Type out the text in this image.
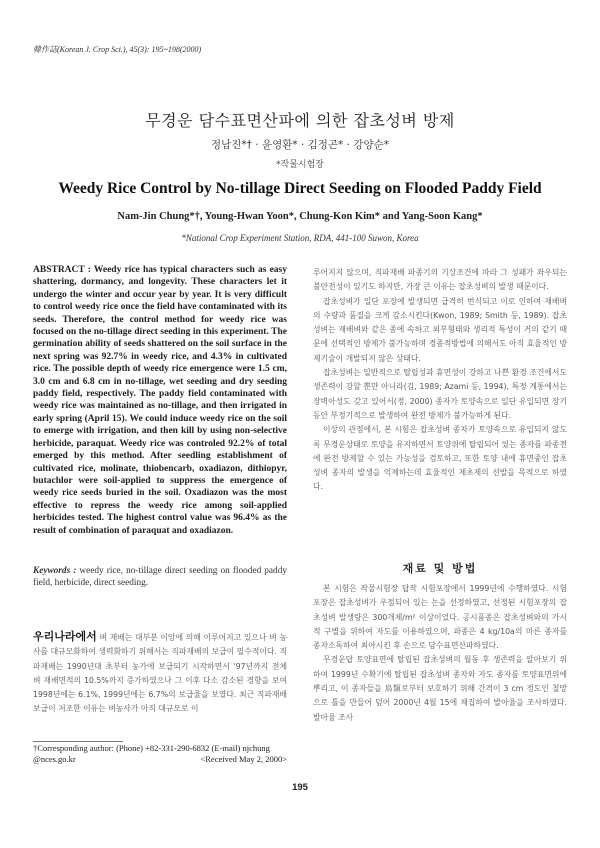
韓作誌(Korean J. Crop Sci.), 45(3): 195~198(2000)
무경운 담수표면산파에 의한 잡초성벼 방제
정남진*† · 윤영환* · 김정곤* · 강양순*
*작물시험장
Weedy Rice Control by No-tillage Direct Seeding on Flooded Paddy Field
Nam-Jin Chung*†, Young-Hwan Yoon*, Chung-Kon Kim* and Yang-Soon Kang*
*National Crop Experiment Station, RDA, 441-100 Suwon, Korea
ABSTRACT : Weedy rice has typical characters such as easy shattering, dormancy, and longevity. These characters let it undergo the winter and occur year by year. It is very difficult to control weedy rice once the field have contaminated with its seeds. Therefore, the control method for weedy rice was focused on the no-tillage direct seeding in this experiment. The germination ability of seeds shattered on the soil surface in the next spring was 92.7% in weedy rice, and 4.3% in cultivated rice. The possible depth of weedy rice emergence were 1.5 cm, 3.0 cm and 6.8 cm in no-tillage, wet seeding and dry seeding paddy field, respectively. The paddy field contaminated with weedy rice was maintained as no-tillage, and then irrigated in early spring (April 15). We could induce weedy rice on the soil to emerge with irrigation, and then kill by using non-selective herbicide, paraquat. Weedy rice was controled 92.2% of total emerged by this method. After seedling establishment of cultivated rice, molinate, thiobencarb, oxadiazon, dithiopyr, butachlor were soil-applied to suppress the emergence of weedy rice seeds buried in the soil. Oxadiazon was the most effective to repress the weedy rice among soil-applied herbicides tested. The highest control value was 96.4% as the result of combination of paraquat and oxadiazon.
Keywords : weedy rice, no-tillage direct seeding on flooded paddy field, herbicide, direct seeding.

우리나라에서 벼 재배는 대부분 이앙에 의해 이루어지고 있으나 벼 농사를 대규모화하여 생력화하기 위해서는 직파재배의 보급이 필수적이다. 직파재배는 1990년대 초부터 농가에 보급되기 시작하면서 '97년까지 전체 벼 재배면적의 10.5%까지 증가하였으나 그 이후 다소 감소된 경향을 보여 1998년에는 6.1%, 1999년에는 6.7%의 보급율을 보였다. 최근 직파재배 보급이 저조한 이유는 벼농사가 아직 대규모로 이

루어지지 않으며, 직파재배 파종기의 기상조건에 따라 그 성패가 좌우되는 불안전성이 있기도 하지만, 가장 큰 이유는 잡초성벼의 발생 때문이다.

잡초성벼가 일단 포장에 발생되면 급격히 번식되고 이로 인하여 재배벼의 수량과 품질을 크게 감소시킨다(Kwon, 1989; Smith 등, 1989). 잡초성벼는 재배벼와 같은 종에 속하고 외부형태와 생리적 특성이 거의 같기 때문에 선택적인 방제가 불가능하며 경종적방법에 의해서도 아직 효율적인 방제기술이 개발되지 않은 상태다.

잡초성벼는 일반적으로 탈립성과 휴면성이 강하고 나쁜 환경 조건에서도 생존력이 강할 뿐만 아니라(김, 1989; Azami 등, 1994), 특정 계통에서는 장벽아성도 갖고 있어서(정, 2000) 종자가 토양속으로 일단 유입되면 장기 동안 부정기적으로 발생하여 완전 방제가 불가능하게 된다.

이상의 관점에서, 본 시험은 잡초성벼 종자가 토양속으로 유입되지 않도록 무경운상태로 토양을 유지하면서 토양위에 탈립되어 있는 종자를 파종전에 완전 방제할 수 있는 가능성을 검토하고, 또한 토양 내에 휴면중인 잡초성벼 종자의 발생을 억제하는데 효율적인 제초제의 선발을 목적으로 하였다.

재료 및 방법

본 시험은 작물시험장 답작 시험포장에서 1999년에 수행하였다. 시험 포장은 잡초성벼가 우점되어 있는 논을 선정하였고, 선정된 시험포장의 잡초성벼 발생량은 300개체/m² 이상이었다. 공시품종은 잡초성벼와의 가시적 구별을 위하여 자도를 이용하였으며, 파종은 4 kg/10a의 마른 종자를 종자소독하여 최아시킨 후 손으로 담수표면산파하였다.

무경운답 토양표면에 탈립된 잡초성벼의 월동 후 생존력을 알아보기 위하여 1999년 수확기에 탈립된 잡초성벼 종자와 자도 종자를 토양표면위에 뿌리고, 이 종자들을 鳥類로부터 보호하기 위해 간격이 3 cm 정도인 철망으로 틀을 만들어 덮어 2000년 4월 15에 채집하여 발아율을 조사하였다. 발아율 조사

†Corresponding author: (Phone) +82-331-290-6832 (E-mail) njchung
@nces.go.kr	<Received May 2, 2000>
195
